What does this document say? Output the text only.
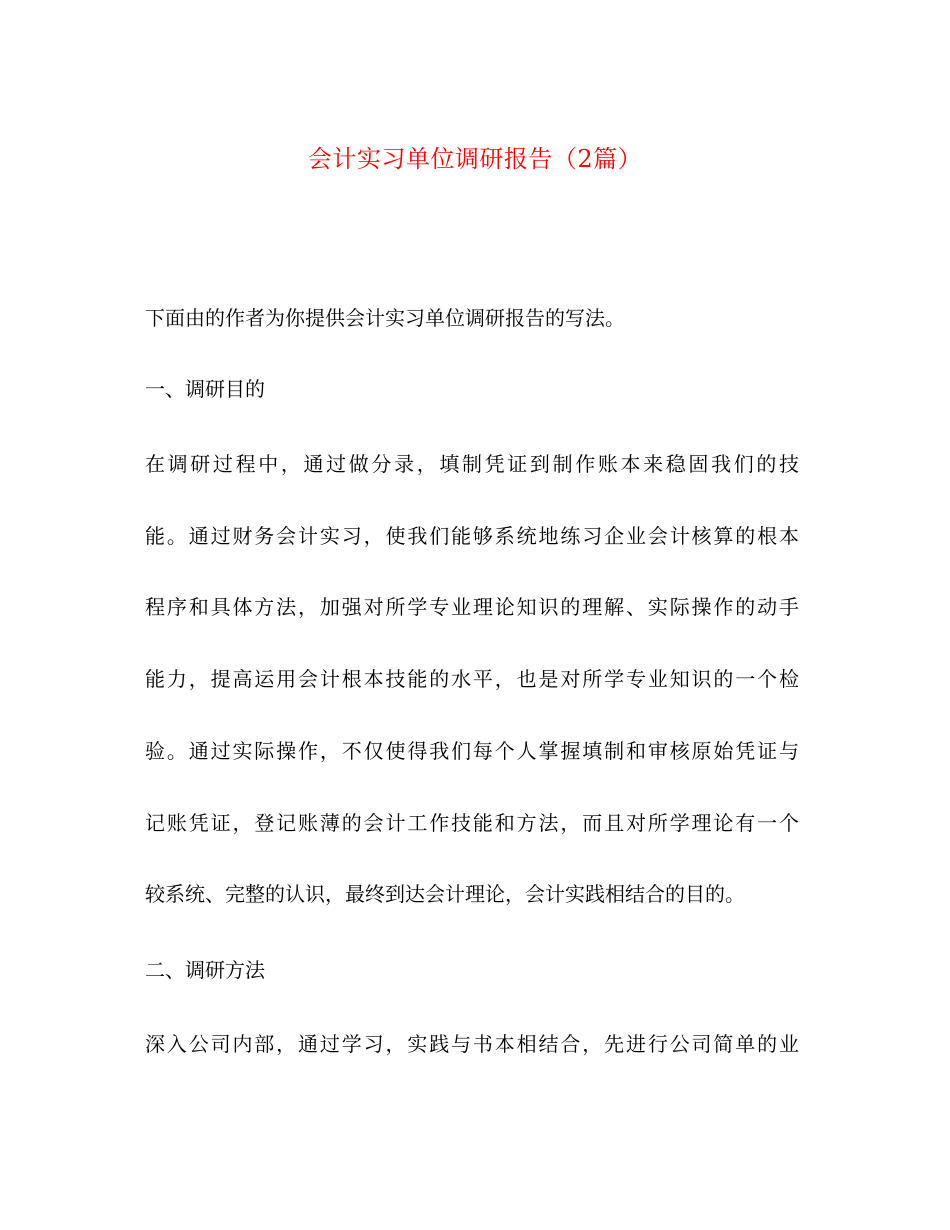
会计实习单位调研报告（2篇）
下面由的作者为你提供会计实习单位调研报告的写法。
一、调研目的
在调研过程中，通过做分录，填制凭证到制作账本来稳固我们的技
能。通过财务会计实习，使我们能够系统地练习企业会计核算的根本
程序和具体方法，加强对所学专业理论知识的理解、实际操作的动手
能力，提高运用会计根本技能的水平，也是对所学专业知识的一个检
验。通过实际操作，不仅使得我们每个人掌握填制和审核原始凭证与
记账凭证，登记账薄的会计工作技能和方法，而且对所学理论有一个
较系统、完整的认识，最终到达会计理论，会计实践相结合的目的。
二、调研方法
深入公司内部，通过学习，实践与书本相结合，先进行公司简单的业
